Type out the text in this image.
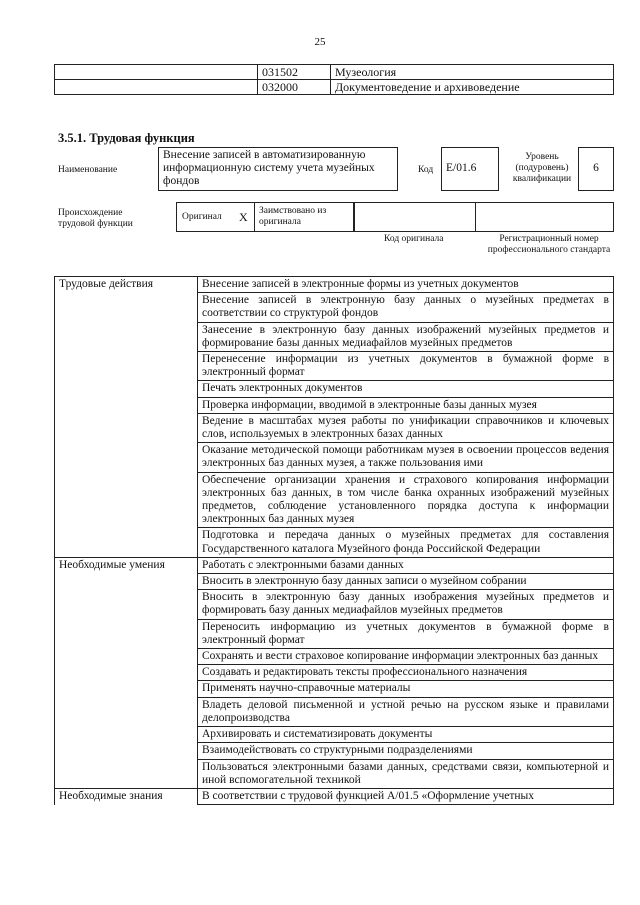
25
	031502	Музеология
	032000	Документоведение и архивоведение
3.5.1. Трудовая функция
Наименование
Внесение записей в автоматизированную информационную систему учета музейных фондов
Код	E/01.6
Уровень (подуровень) квалификации
6
Происхождение трудовой функции
Оригинал X Заимствовано из оригинала
Код оригинала	Регистрационный номер профессионального стандарта
Трудовые действия	Внесение записей в электронные формы из учетных документов
	Внесение записей в электронную базу данных о музейных предметах в соответствии со структурой фондов
	Занесение в электронную базу данных изображений музейных предметов и формирование базы данных медиафайлов музейных предметов
	Перенесение информации из учетных документов в бумажной форме в электронный формат
	Печать электронных документов
	Проверка информации, вводимой в электронные базы данных музея
	Ведение в масштабах музея работы по унификации справочников и ключевых слов, используемых в электронных базах данных
	Оказание методической помощи работникам музея в освоении процессов ведения электронных баз данных музея, а также пользования ими
	Обеспечение организации хранения и страхового копирования информации электронных баз данных, в том числе банка охранных изображений музейных предметов, соблюдение установленного порядка доступа к информации электронных баз данных музея
	Подготовка и передача данных о музейных предметах для составления Государственного каталога Музейного фонда Российской Федерации
Необходимые умения	Работать с электронными базами данных
	Вносить в электронную базу данных записи о музейном собрании
	Вносить в электронную базу данных изображения музейных предметов и формировать базу данных медиафайлов музейных предметов
	Переносить информацию из учетных документов в бумажной форме в электронный формат
	Сохранять и вести страховое копирование информации электронных баз данных
	Создавать и редактировать тексты профессионального назначения
	Применять научно-справочные материалы
	Владеть деловой письменной и устной речью на русском языке и правилами делопроизводства
	Архивировать и систематизировать документы
	Взаимодействовать со структурными подразделениями
	Пользоваться электронными базами данных, средствами связи, компьютерной и иной вспомогательной техникой
Необходимые знания	В соответствии с трудовой функцией А/01.5 «Оформление учетных
